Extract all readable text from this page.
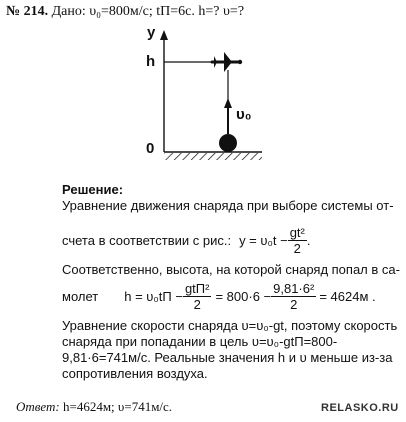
№ 214. Дано: υ₀=800м/с; tП=6с. h=? υ=?
y
h
0
υ₀
Решение:
Уравнение движения снаряда при выборе системы от-
счета в соответствии с рис.: $y = \upsilon_0t - \frac{\text{gt²}}{2}$ .
Соответственно, высота, на которой снаряд попал в са-
молет $h = \upsilon_0tП - \frac{\text{gtП²}}{2} = 800\cdot 6 - \frac{\text{9,81·6²}}{2} = 4624м$ .
Уравнение скорости снаряда υ=υ₀-gt, поэтому скорость
снаряда при попадании в цель υ=υ₀-gtП=800-
9,81·6=741м/с. Реальные значения h и υ меньше из-за
сопротивления воздуха.
Ответ: h=4624м; υ=741м/с.	RELASKO.RU
